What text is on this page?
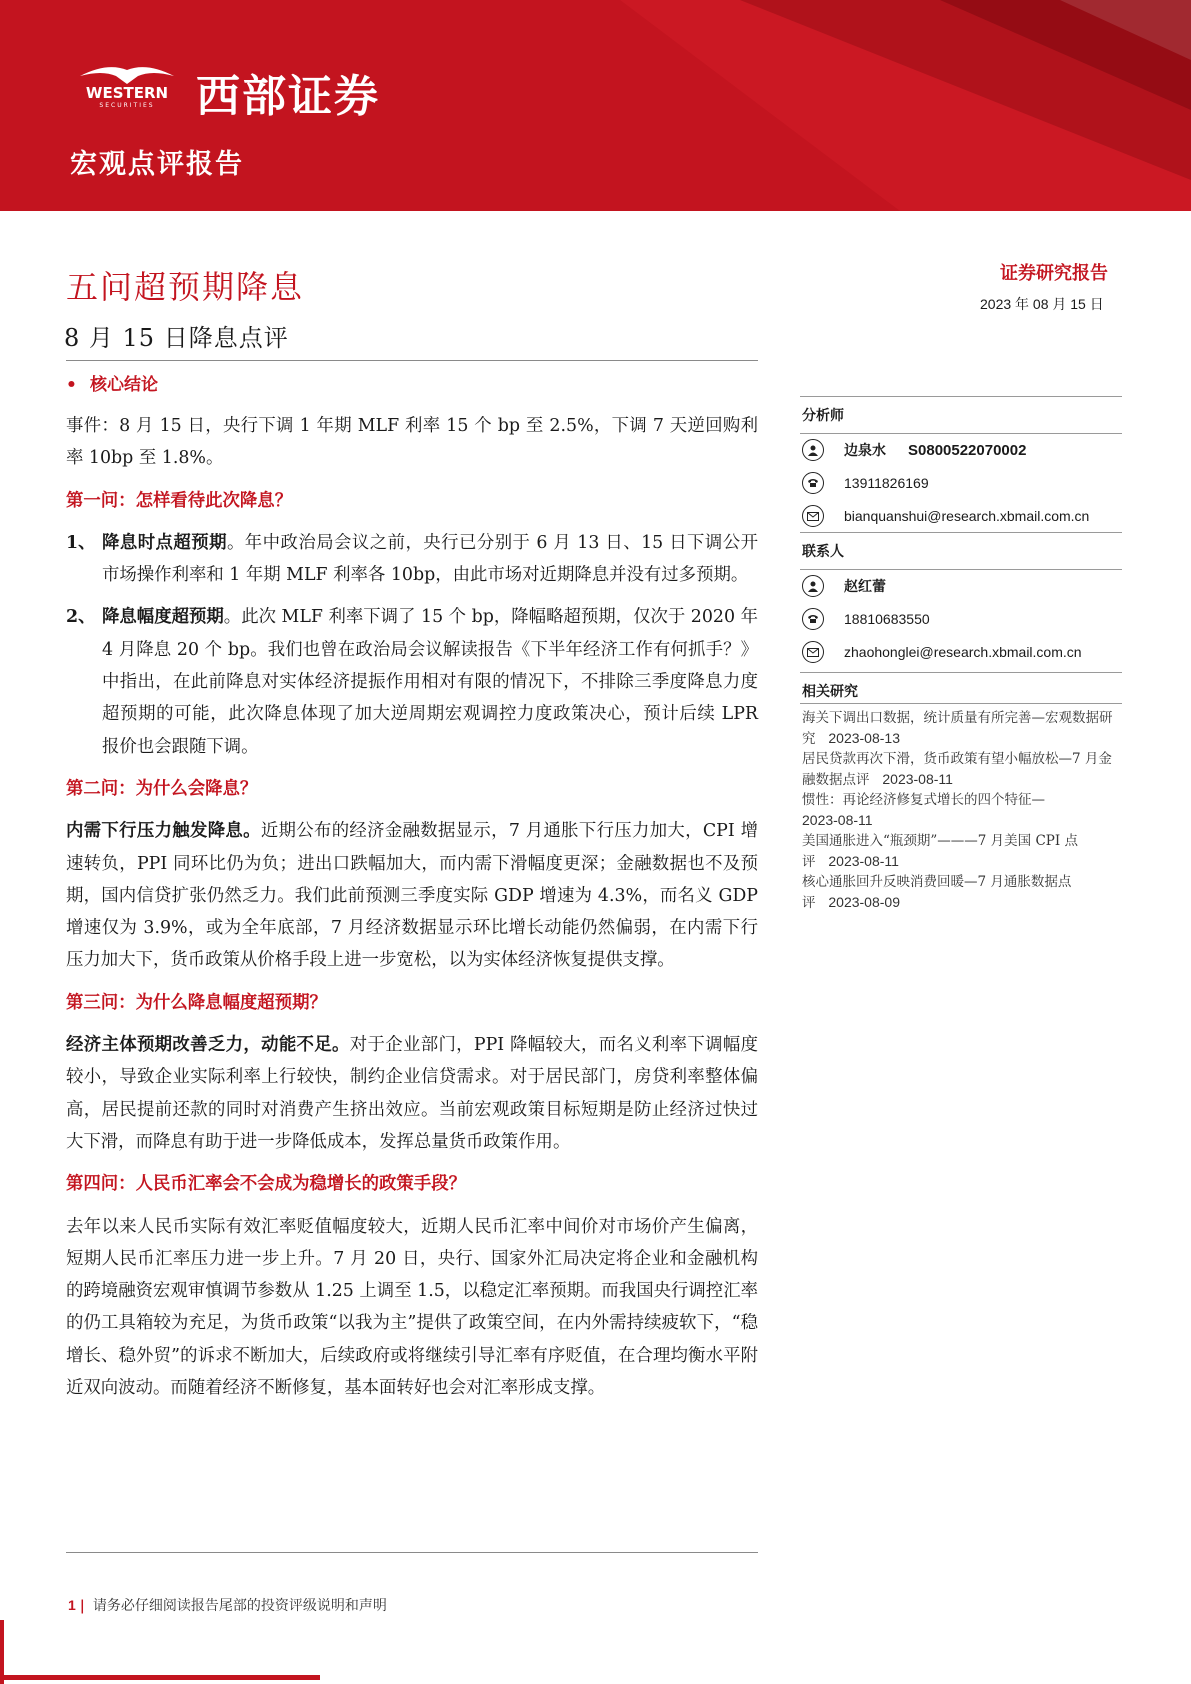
WESTERN
SECURITIES 西部证券
宏观点评报告
五问超预期降息
8 月 15 日降息点评
• 核心结论

事件：8 月 15 日，央行下调 1 年期 MLF 利率 15 个 bp 至 2.5%，下调 7 天逆回购利率 10bp 至 1.8%。

第一问：怎样看待此次降息？
1、 降息时点超预期。年中政治局会议之前，央行已分别于 6 月 13 日、15 日下调公开市场操作利率和 1 年期 MLF 利率各 10bp，由此市场对近期降息并没有过多预期。
2、 降息幅度超预期。此次 MLF 利率下调了 15 个 bp，降幅略超预期，仅次于 2020 年 4 月降息 20 个 bp。我们也曾在政治局会议解读报告《下半年经济工作有何抓手？》中指出，在此前降息对实体经济提振作用相对有限的情况下，不排除三季度降息力度超预期的可能，此次降息体现了加大逆周期宏观调控力度政策决心，预计后续 LPR 报价也会跟随下调。
第二问：为什么会降息？

内需下行压力触发降息。近期公布的经济金融数据显示，7 月通胀下行压力加大，CPI 增速转负，PPI 同环比仍为负；进出口跌幅加大，而内需下滑幅度更深；金融数据也不及预期，国内信贷扩张仍然乏力。我们此前预测三季度实际 GDP 增速为 4.3%，而名义 GDP 增速仅为 3.9%，或为全年底部，7 月经济数据显示环比增长动能仍然偏弱，在内需下行压力加大下，货币政策从价格手段上进一步宽松，以为实体经济恢复提供支撑。

第三问：为什么降息幅度超预期？

经济主体预期改善乏力，动能不足。对于企业部门，PPI 降幅较大，而名义利率下调幅度较小，导致企业实际利率上行较快，制约企业信贷需求。对于居民部门，房贷利率整体偏高，居民提前还款的同时对消费产生挤出效应。当前宏观政策目标短期是防止经济过快过大下滑，而降息有助于进一步降低成本，发挥总量货币政策作用。

第四问：人民币汇率会不会成为稳增长的政策手段？

去年以来人民币实际有效汇率贬值幅度较大，近期人民币汇率中间价对市场价产生偏离，短期人民币汇率压力进一步上升。7 月 20 日，央行、国家外汇局决定将企业和金融机构的跨境融资宏观审慎调节参数从 1.25 上调至 1.5，以稳定汇率预期。而我国央行调控汇率的仍工具箱较为充足，为货币政策“以我为主”提供了政策空间，在内外需持续疲软下，“稳增长、稳外贸”的诉求不断加大，后续政府或将继续引导汇率有序贬值，在合理均衡水平附近双向波动。而随着经济不断修复，基本面转好也会对汇率形成支撑。

证券研究报告
2023 年 08 月 15 日
分析师
边泉水 S0800522070002
13911826169
bianquanshui@research.xbmail.com.cn
联系人
赵红蕾
18810683550
zhaohonglei@research.xbmail.com.cn
相关研究
海关下调出口数据，统计质量有所完善—宏观数据研究 2023-08-13
居民贷款再次下滑，货币政策有望小幅放松—7 月金融数据点评 2023-08-11
惯性：再论经济修复式增长的四个特征—
2023-08-11
美国通胀进入“瓶颈期”———7 月美国 CPI 点评 2023-08-11
核心通胀回升反映消费回暖—7 月通胀数据点评 2023-08-09
1 | 请务必仔细阅读报告尾部的投资评级说明和声明
